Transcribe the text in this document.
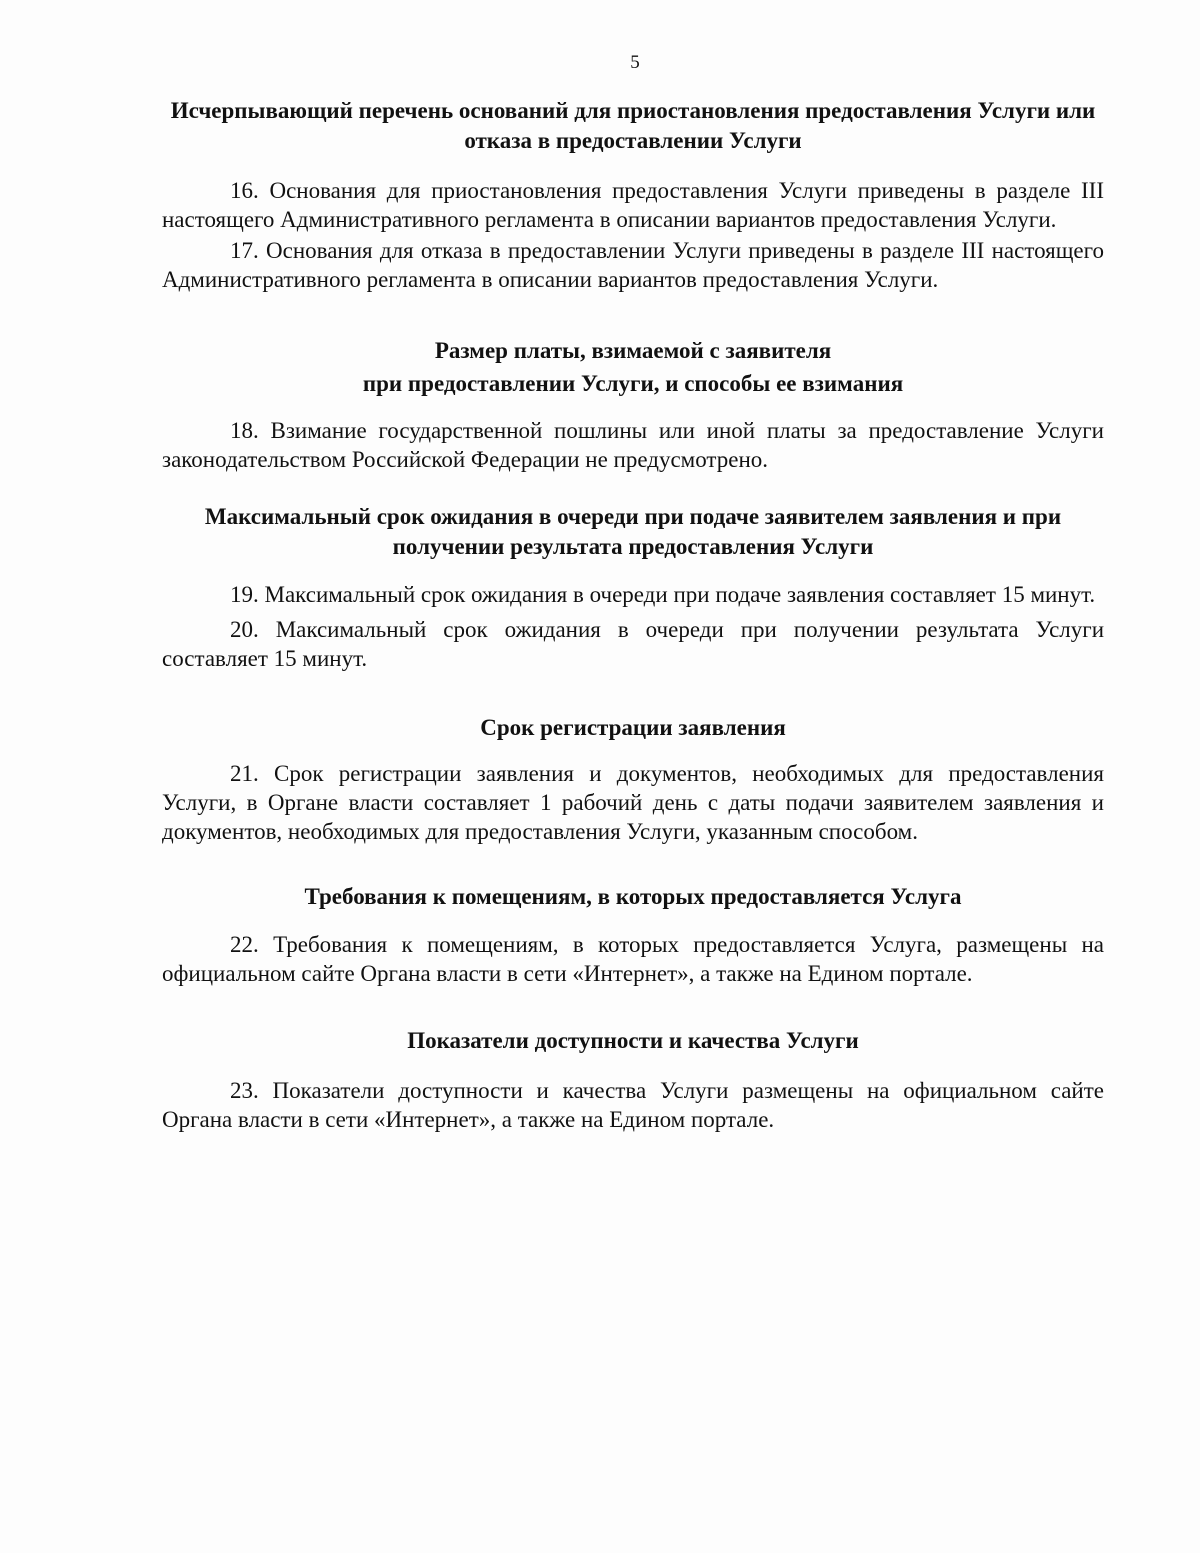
5

Исчерпывающий перечень оснований для приостановления предоставления Услуги или отказа в предоставлении Услуги

16. Основания для приостановления предоставления Услуги приведены в разделе III настоящего Административного регламента в описании вариантов предоставления Услуги.

17. Основания для отказа в предоставлении Услуги приведены в разделе III настоящего Административного регламента в описании вариантов предоставления Услуги.

Размер платы, взимаемой с заявителя

при предоставлении Услуги, и способы ее взимания

18. Взимание государственной пошлины или иной платы за предоставление Услуги законодательством Российской Федерации не предусмотрено.

Максимальный срок ожидания в очереди при подаче заявителем заявления и при получении результата предоставления Услуги

19. Максимальный срок ожидания в очереди при подаче заявления составляет 15 минут.

20. Максимальный срок ожидания в очереди при получении результата Услуги составляет 15 минут.

Срок регистрации заявления

21. Срок регистрации заявления и документов, необходимых для предоставления Услуги, в Органе власти составляет 1 рабочий день с даты подачи заявителем заявления и документов, необходимых для предоставления Услуги, указанным способом.

Требования к помещениям, в которых предоставляется Услуга

22. Требования к помещениям, в которых предоставляется Услуга, размещены на официальном сайте Органа власти в сети «Интернет», а также на Едином портале.

Показатели доступности и качества Услуги

23. Показатели доступности и качества Услуги размещены на официальном сайте Органа власти в сети «Интернет», а также на Едином портале.
